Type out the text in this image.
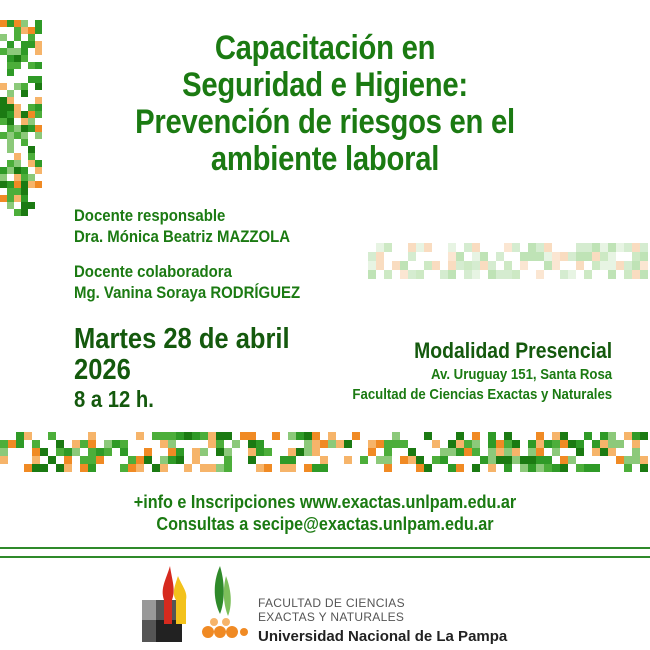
Capacitación en
Seguridad e Higiene:
Prevención de riesgos en el
ambiente laboral
Docente responsable
Dra. Mónica Beatriz MAZZOLA
Docente colaboradora
Mg. Vanina Soraya RODRÍGUEZ
Martes 28 de abril
2026
8 a 12 h.
Modalidad Presencial
Av. Uruguay 151, Santa Rosa
Facultad de Ciencias Exactas y Naturales
+info e Inscripciones www.exactas.unlpam.edu.ar
Consultas a secipe@exactas.unlpam.edu.ar
FACULTAD DE CIENCIAS
EXACTAS Y NATURALES
Universidad Nacional de La Pampa
